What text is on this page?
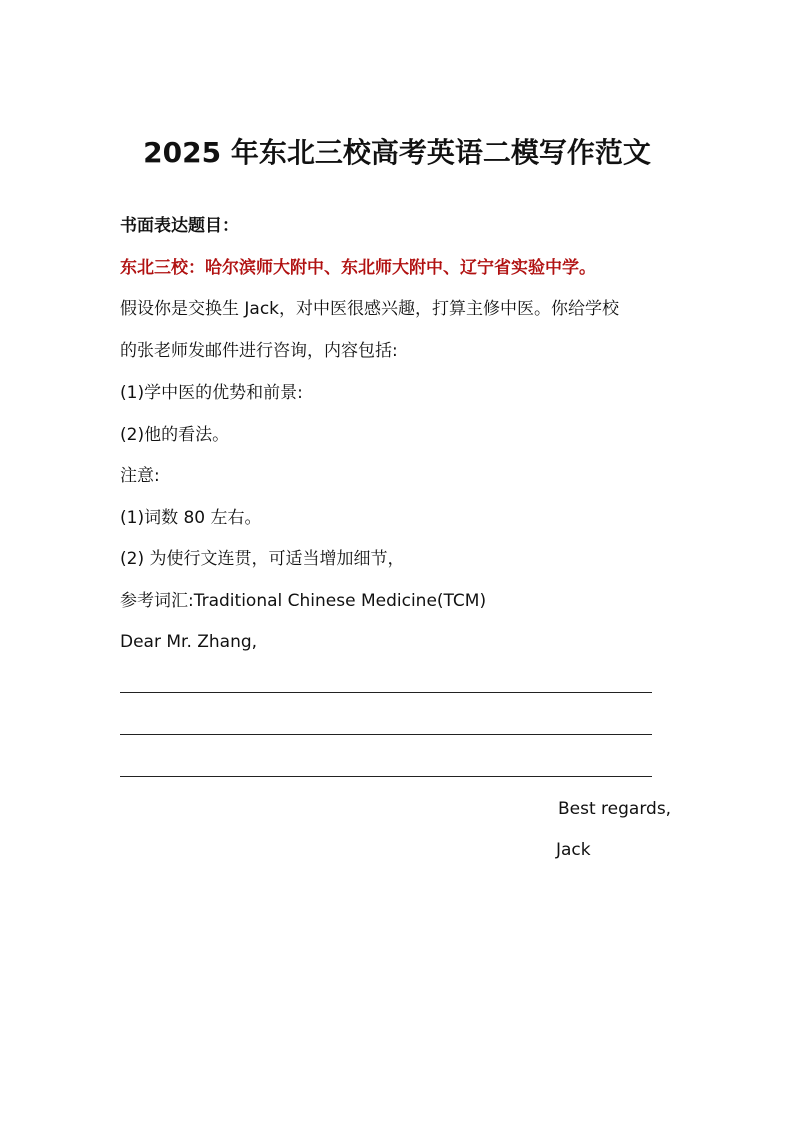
2025 年东北三校高考英语二模写作范文
书面表达题目：
东北三校：哈尔滨师大附中、东北师大附中、辽宁省实验中学。
假设你是交换生 Jack，对中医很感兴趣，打算主修中医。你给学校
的张老师发邮件进行咨询，内容包括:
(1)学中医的优势和前景:
(2)他的看法。
注意:
(1)词数 80 左右。
(2) 为使行文连贯，可适当增加细节，
参考词汇:Traditional Chinese Medicine(TCM)
Dear Mr. Zhang,
Best regards,
Jack
